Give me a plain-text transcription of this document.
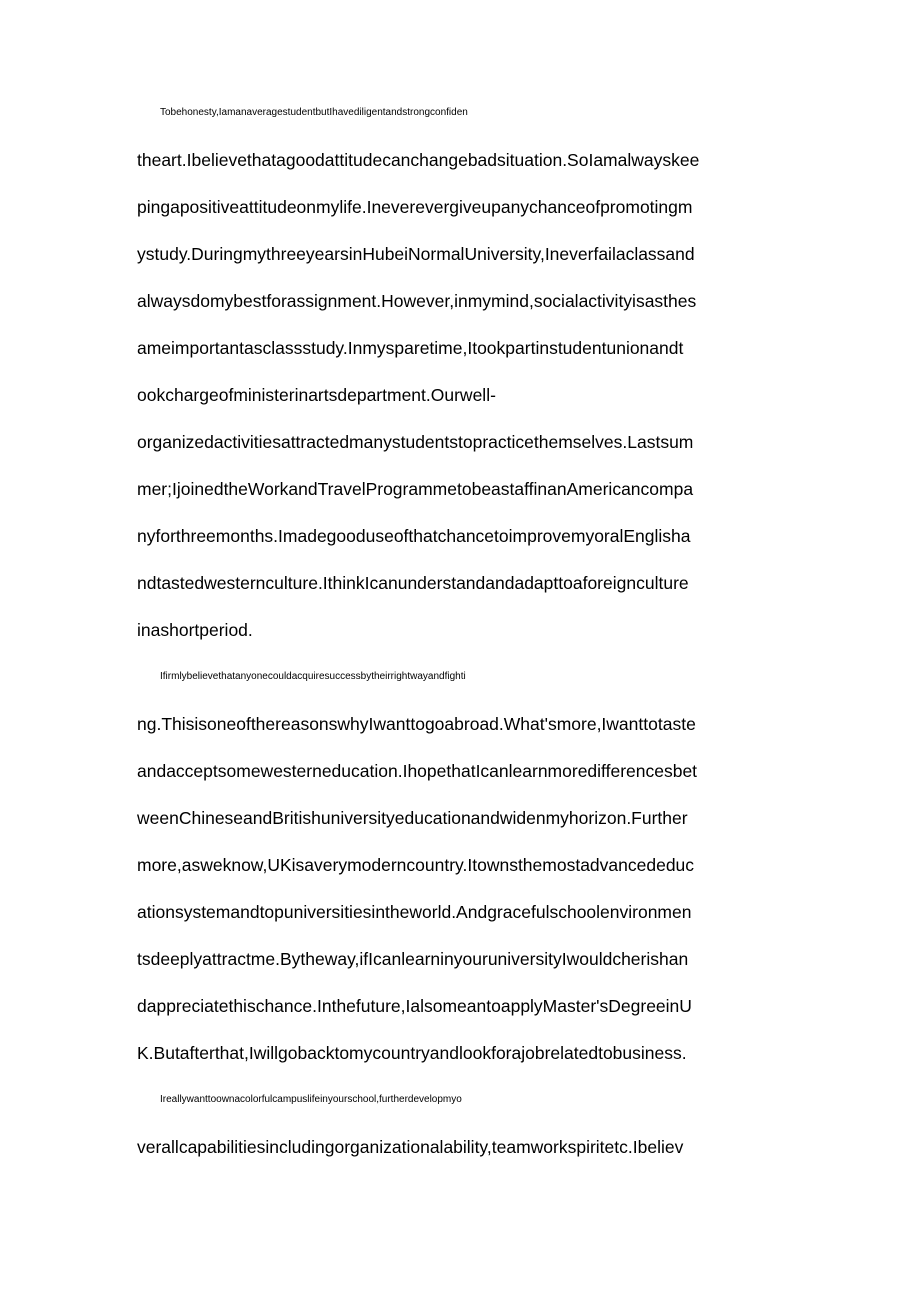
Tobehonesty,IamanaveragestudentbutIhavediligentandstrongconfiden
theart.Ibelievethatagoodattitudecanchangebadsituation.SoIamalwayskee
pingapositiveattitudeonmylife.Ineverevergiveupanychanceofpromotingm
ystudy.DuringmythreeyearsinHubeiNormalUniversity,Ineverfailaclassand
alwaysdomybestforassignment.However,inmymind,socialactivityisasthes
ameimportantasclassstudy.Inmysparetime,Itookpartinstudentunionandt
ookchargeofministerinartsdepartment.Ourwell-
organizedactivitiesattractedmanystudentstopracticethemselves.Lastsum
mer;IjoinedtheWorkandTravelProgrammetobeastaffinanAmericancompa
nyforthreemonths.ImadegooduseofthatchancetoimprovemyoralEnglisha
ndtastedwesternculture.IthinkIcanunderstandandadapttoaforeignculture
inashortperiod.
Ifirmlybelievethatanyonecouldacquiresuccessbytheirrightwayandfighti
ng.ThisisoneofthereasonswhyIwanttogoabroad.What'smore,Iwanttotaste
andacceptsomewesterneducation.IhopethatIcanlearnmoredifferencesbet
weenChineseandBritishuniversityeducationandwidenmyhorizon.Further
more,asweknow,UKisaverymoderncountry.Itownsthemostadvancededuc
ationsystemandtopuniversitiesintheworld.Andgracefulschoolenvironmen
tsdeeplyattractme.Bytheway,ifIcanlearninyouruniversityIwouldcherishan
dappreciatethischance.Inthefuture,IalsomeantoapplyMaster'sDegreeinU
K.Butafterthat,Iwillgobacktomycountryandlookforajobrelatedtobusiness.
Ireallywanttoownacolorfulcampuslifeinyourschool,furtherdevelopmyo
verallcapabilitiesincludingorganizationalability,teamworkspiritetc.Ibeliev
